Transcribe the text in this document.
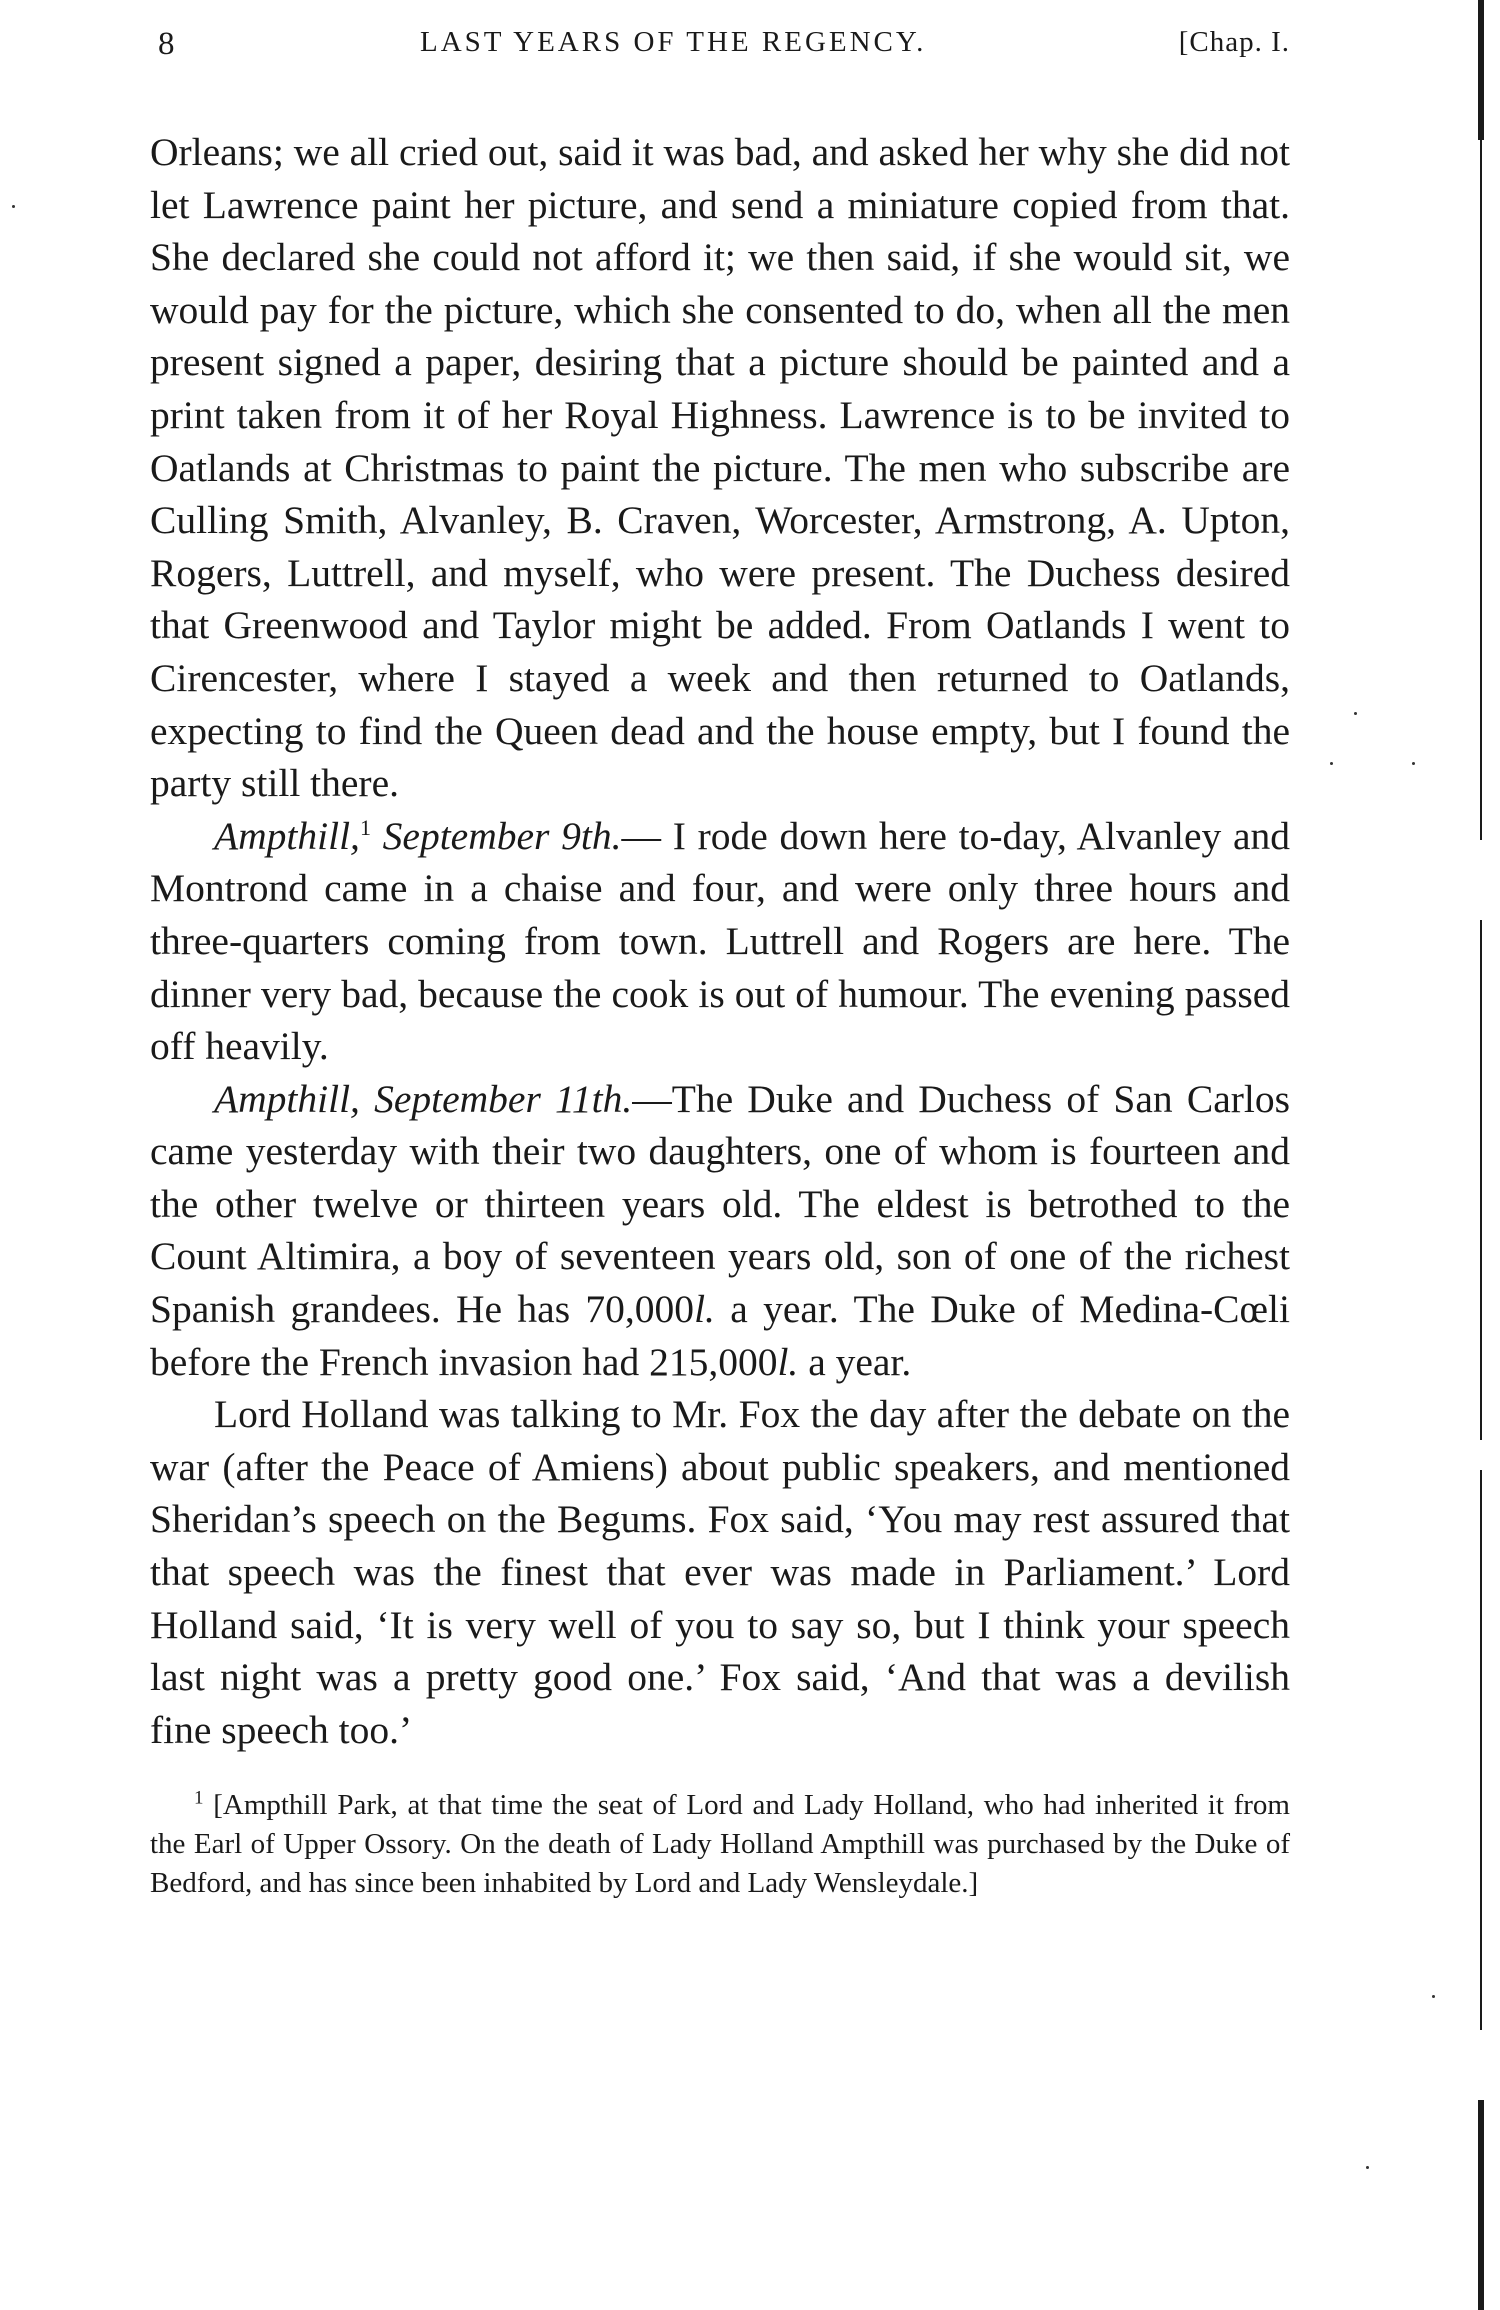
8	LAST YEARS OF THE REGENCY.	[Chap. I.

Orleans; we all cried out, said it was bad, and asked her why she did not let Lawrence paint her picture, and send a miniature copied from that. She declared she could not afford it; we then said, if she would sit, we would pay for the picture, which she consented to do, when all the men present signed a paper, desiring that a picture should be painted and a print taken from it of her Royal Highness. Lawrence is to be invited to Oatlands at Christmas to paint the picture. The men who subscribe are Culling Smith, Alvanley, B. Craven, Worcester, Armstrong, A. Upton, Rogers, Luttrell, and myself, who were present. The Duchess desired that Greenwood and Taylor might be added. From Oatlands I went to Cirencester, where I stayed a week and then returned to Oatlands, expecting to find the Queen dead and the house empty, but I found the party still there.

Ampthill,$^1$ September 9th.— I rode down here to-day, Alvanley and Montrond came in a chaise and four, and were only three hours and three-quarters coming from town. Luttrell and Rogers are here. The dinner very bad, because the cook is out of humour. The evening passed off heavily.

Ampthill, September 11th.—The Duke and Duchess of San Carlos came yesterday with their two daughters, one of whom is fourteen and the other twelve or thirteen years old. The eldest is betrothed to the Count Altimira, a boy of seventeen years old, son of one of the richest Spanish grandees. He has 70,000l. a year. The Duke of Medina-Cœli before the French invasion had 215,000l. a year.

Lord Holland was talking to Mr. Fox the day after the debate on the war (after the Peace of Amiens) about public speakers, and mentioned Sheridan’s speech on the Begums. Fox said, ‘You may rest assured that that speech was the finest that ever was made in Parliament.’ Lord Holland said, ‘It is very well of you to say so, but I think your speech last night was a pretty good one.’ Fox said, ‘And that was a devilish fine speech too.’

$^1$ [Ampthill Park, at that time the seat of Lord and Lady Holland, who had inherited it from the Earl of Upper Ossory. On the death of Lady Holland Ampthill was purchased by the Duke of Bedford, and has since been inhabited by Lord and Lady Wensleydale.]
